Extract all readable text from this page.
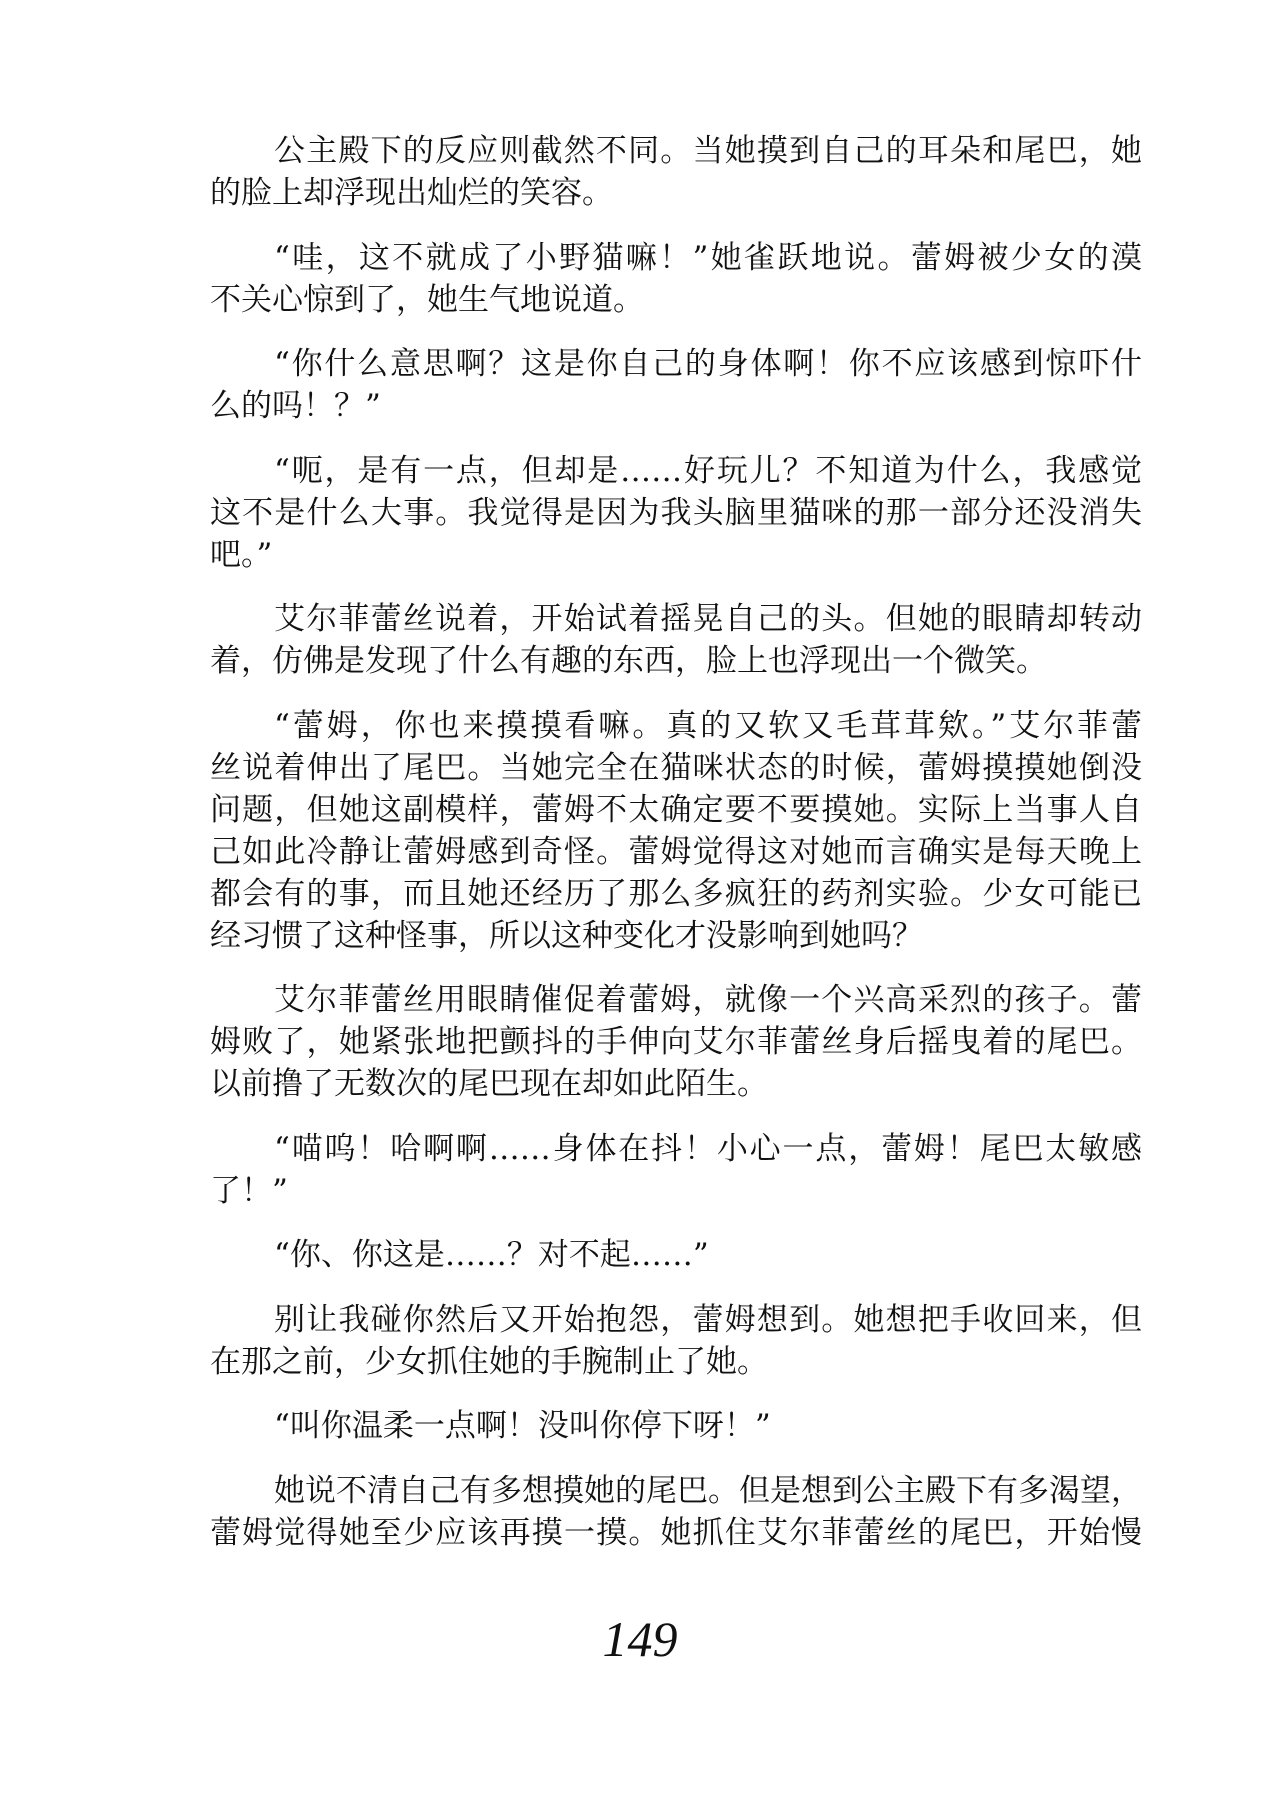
公主殿下的反应则截然不同。当她摸到自己的耳朵和尾巴，她
的脸上却浮现出灿烂的笑容。
“哇，这不就成了小野猫嘛！”她雀跃地说。蕾姆被少女的漠
不关心惊到了，她生气地说道。
“你什么意思啊？这是你自己的身体啊！你不应该感到惊吓什
么的吗！？”
“呃，是有一点，但却是……好玩儿？不知道为什么，我感觉
这不是什么大事。我觉得是因为我头脑里猫咪的那一部分还没消失
吧。”
艾尔菲蕾丝说着，开始试着摇晃自己的头。但她的眼睛却转动
着，仿佛是发现了什么有趣的东西，脸上也浮现出一个微笑。
“蕾姆，你也来摸摸看嘛。真的又软又毛茸茸欸。”艾尔菲蕾
丝说着伸出了尾巴。当她完全在猫咪状态的时候，蕾姆摸摸她倒没
问题，但她这副模样，蕾姆不太确定要不要摸她。实际上当事人自
己如此冷静让蕾姆感到奇怪。蕾姆觉得这对她而言确实是每天晚上
都会有的事，而且她还经历了那么多疯狂的药剂实验。少女可能已
经习惯了这种怪事，所以这种变化才没影响到她吗？
艾尔菲蕾丝用眼睛催促着蕾姆，就像一个兴高采烈的孩子。蕾
姆败了，她紧张地把颤抖的手伸向艾尔菲蕾丝身后摇曳着的尾巴。
以前撸了无数次的尾巴现在却如此陌生。
“喵呜！哈啊啊……身体在抖！小心一点，蕾姆！尾巴太敏感
了！”
“你、你这是……？对不起……”
别让我碰你然后又开始抱怨，蕾姆想到。她想把手收回来，但
在那之前，少女抓住她的手腕制止了她。
“叫你温柔一点啊！没叫你停下呀！”
她说不清自己有多想摸她的尾巴。但是想到公主殿下有多渴望，
蕾姆觉得她至少应该再摸一摸。她抓住艾尔菲蕾丝的尾巴，开始慢
149
